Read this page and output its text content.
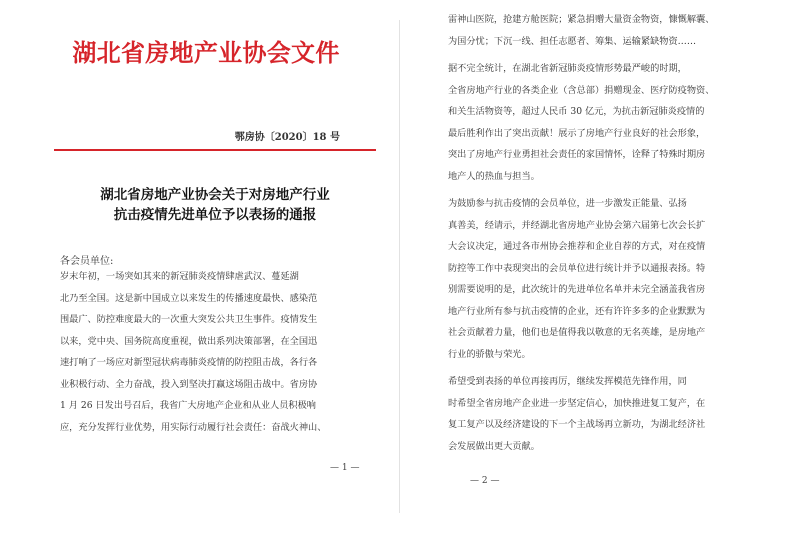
湖北省房地产业协会文件
鄂房协〔2020〕18 号
湖北省房地产业协会关于对房地产行业
抗击疫情先进单位予以表扬的通报
各会员单位:
岁末年初，一场突如其来的新冠肺炎疫情肆虐武汉、蔓延湖
北乃至全国。这是新中国成立以来发生的传播速度最快、感染范
围最广、防控难度最大的一次重大突发公共卫生事件。疫情发生
以来，党中央、国务院高度重视，做出系列决策部署，在全国迅
速打响了一场应对新型冠状病毒肺炎疫情的防控阻击战，各行各
业积极行动、全力奋战，投入到坚决打赢这场阻击战中。省房协
1 月 26 日发出号召后，我省广大房地产企业和从业人员积极响
应，充分发挥行业优势，用实际行动履行社会责任：奋战火神山、
— 1 —
雷神山医院，抢建方舱医院；紧急捐赠大量资金物资，慷慨解囊、
为国分忧；下沉一线、担任志愿者、筹集、运输紧缺物资……
据不完全统计，在湖北省新冠肺炎疫情形势最严峻的时期，
全省房地产行业的各类企业（含总部）捐赠现金、医疗防疫物资、
和关生活物资等，超过人民币 30 亿元，为抗击新冠肺炎疫情的
最后胜利作出了突出贡献！展示了房地产行业良好的社会形象，
突出了房地产行业勇担社会责任的家国情怀，诠释了特殊时期房
地产人的热血与担当。
为鼓励参与抗击疫情的会员单位，进一步激发正能量、弘扬
真善美，经请示，并经湖北省房地产业协会第六届第七次会长扩
大会议决定，通过各市州协会推荐和企业自荐的方式，对在疫情
防控等工作中表现突出的会员单位进行统计并予以通报表扬。特
别需要说明的是，此次统计的先进单位名单并未完全涵盖我省房
地产行业所有参与抗击疫情的企业，还有许许多多的企业默默为
社会贡献着力量，他们也是值得我以敬意的无名英雄，是房地产
行业的骄傲与荣光。
希望受到表扬的单位再接再厉，继续发挥模范先锋作用，同
时希望全省房地产企业进一步坚定信心，加快推进复工复产，在
复工复产以及经济建设的下一个主战场再立新功，为湖北经济社
会发展做出更大贡献。
— 2 —
